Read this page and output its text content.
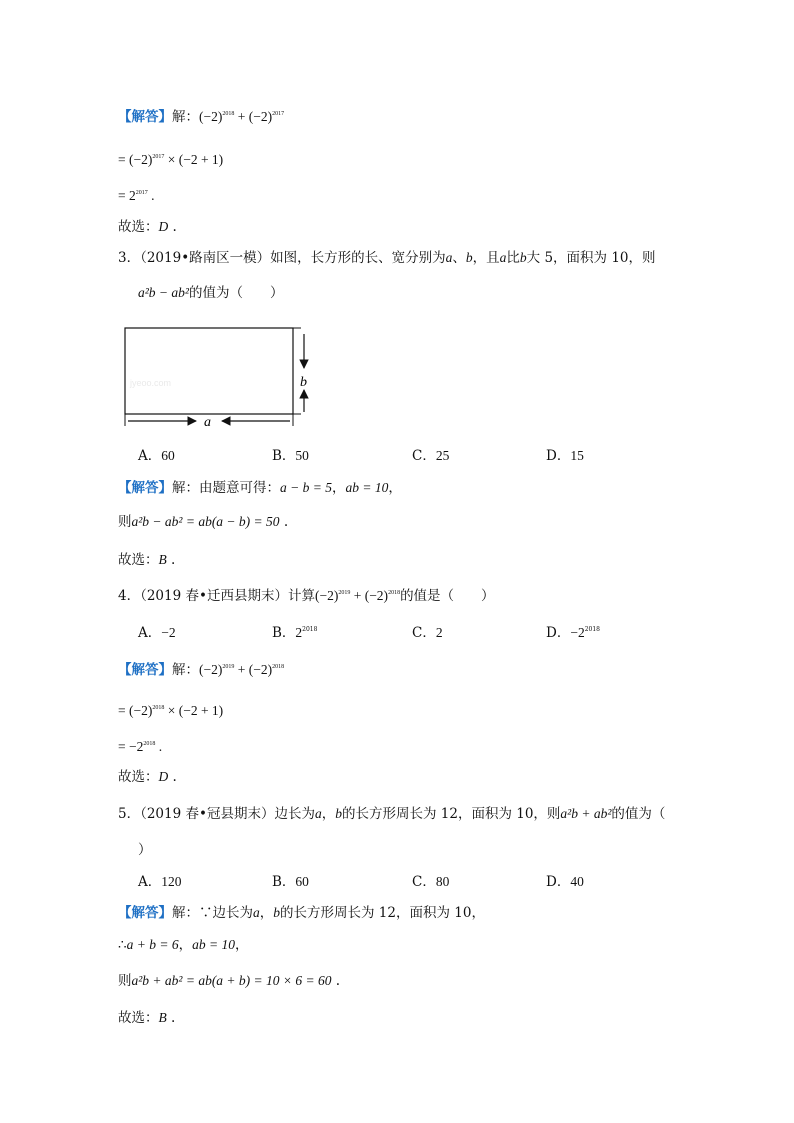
【解答】解：$(-2)^{2018} + (-2)^{2017}$
= $(-2)^{2017} \times (-2 + 1)$
= $2^{2017}$ .
故选：D .
3．（2019•路南区一模）如图，长方形的长、宽分别为a、b，且a比b大 5，面积为 10，则
a²b − ab²的值为（　　）
jyeoo.com	b
a
A．60	B．50	C．25	D．15
【解答】解：由题意可得：a − b = 5，ab = 10，
则a²b − ab² = ab(a − b) = 50 .
故选：B .
4．（2019 春•迁西县期末）计算$(-2)^{2019} + (-2)^{2018}$的值是（　　）
A．−2	B．$2^{2018}$	C．2	D．$-2^{2018}$
【解答】解：$(-2)^{2019} + (-2)^{2018}$
= $(-2)^{2018} \times (-2 + 1)$
= $-2^{2018}$ .
故选：D .
5．（2019 春•冠县期末）边长为a，b的长方形周长为 12，面积为 10，则a²b + ab²的值为（
）
A．120	B．60	C．80	D．40
【解答】解：∵边长为a，b的长方形周长为 12，面积为 10，
∴a + b = 6，ab = 10，
则a²b + ab² = ab(a + b) = 10 × 6 = 60 .
故选：B .
